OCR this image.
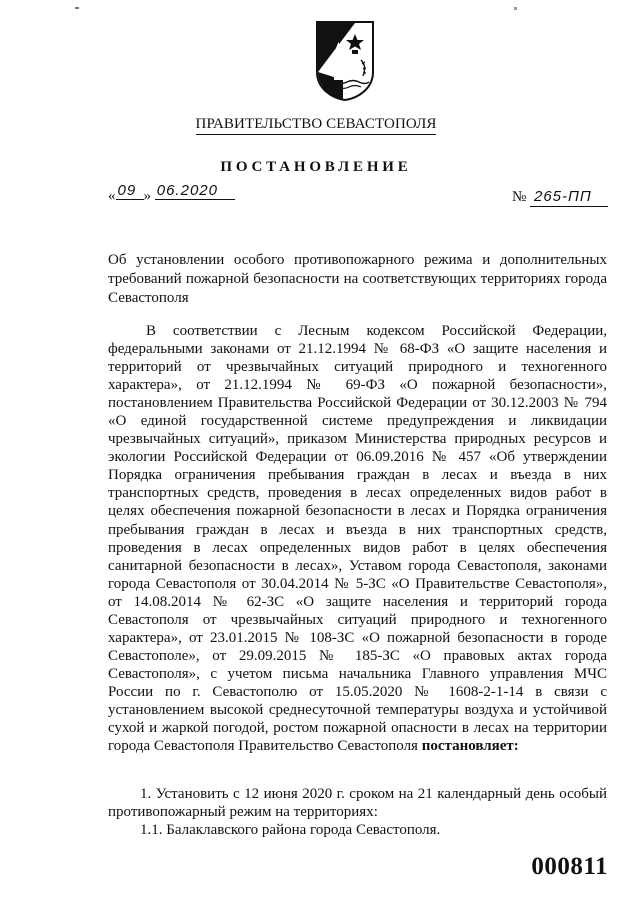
ПРАВИТЕЛЬСТВО СЕВАСТОПОЛЯ
ПОСТАНОВЛЕНИЕ
« 09 » 06.2020	№ 265-ПП
Об установлении особого противопожарного режима и дополнительных требований пожарной безопасности на соответствующих территориях города Севастополя

В соответствии с Лесным кодексом Российской Федерации, федеральными законами от 21.12.1994 № 68-ФЗ «О защите населения и территорий от чрезвычайных ситуаций природного и техногенного характера», от 21.12.1994 № 69-ФЗ «О пожарной безопасности», постановлением Правительства Российской Федерации от 30.12.2003 № 794 «О единой государственной системе предупреждения и ликвидации чрезвычайных ситуаций», приказом Министерства природных ресурсов и экологии Российской Федерации от 06.09.2016 № 457 «Об утверждении Порядка ограничения пребывания граждан в лесах и въезда в них транспортных средств, проведения в лесах определенных видов работ в целях обеспечения пожарной безопасности в лесах и Порядка ограничения пребывания граждан в лесах и въезда в них транспортных средств, проведения в лесах определенных видов работ в целях обеспечения санитарной безопасности в лесах», Уставом города Севастополя, законами города Севастополя от 30.04.2014 № 5-ЗС «О Правительстве Севастополя», от 14.08.2014 № 62-ЗС «О защите населения и территорий города Севастополя от чрезвычайных ситуаций природного и техногенного характера», от 23.01.2015 № 108-ЗС «О пожарной безопасности в городе Севастополе», от 29.09.2015 № 185-ЗС «О правовых актах города Севастополя», с учетом письма начальника Главного управления МЧС России по г. Севастополю от 15.05.2020 № 1608-2-1-14 в связи с установлением высокой среднесуточной температуры воздуха и устойчивой сухой и жаркой погодой, ростом пожарной опасности в лесах на территории города Севастополя Правительство Севастополя постановляет:

1. Установить с 12 июня 2020 г. сроком на 21 календарный день особый противопожарный режим на территориях:

1.1. Балаклавского района города Севастополя.

000811
